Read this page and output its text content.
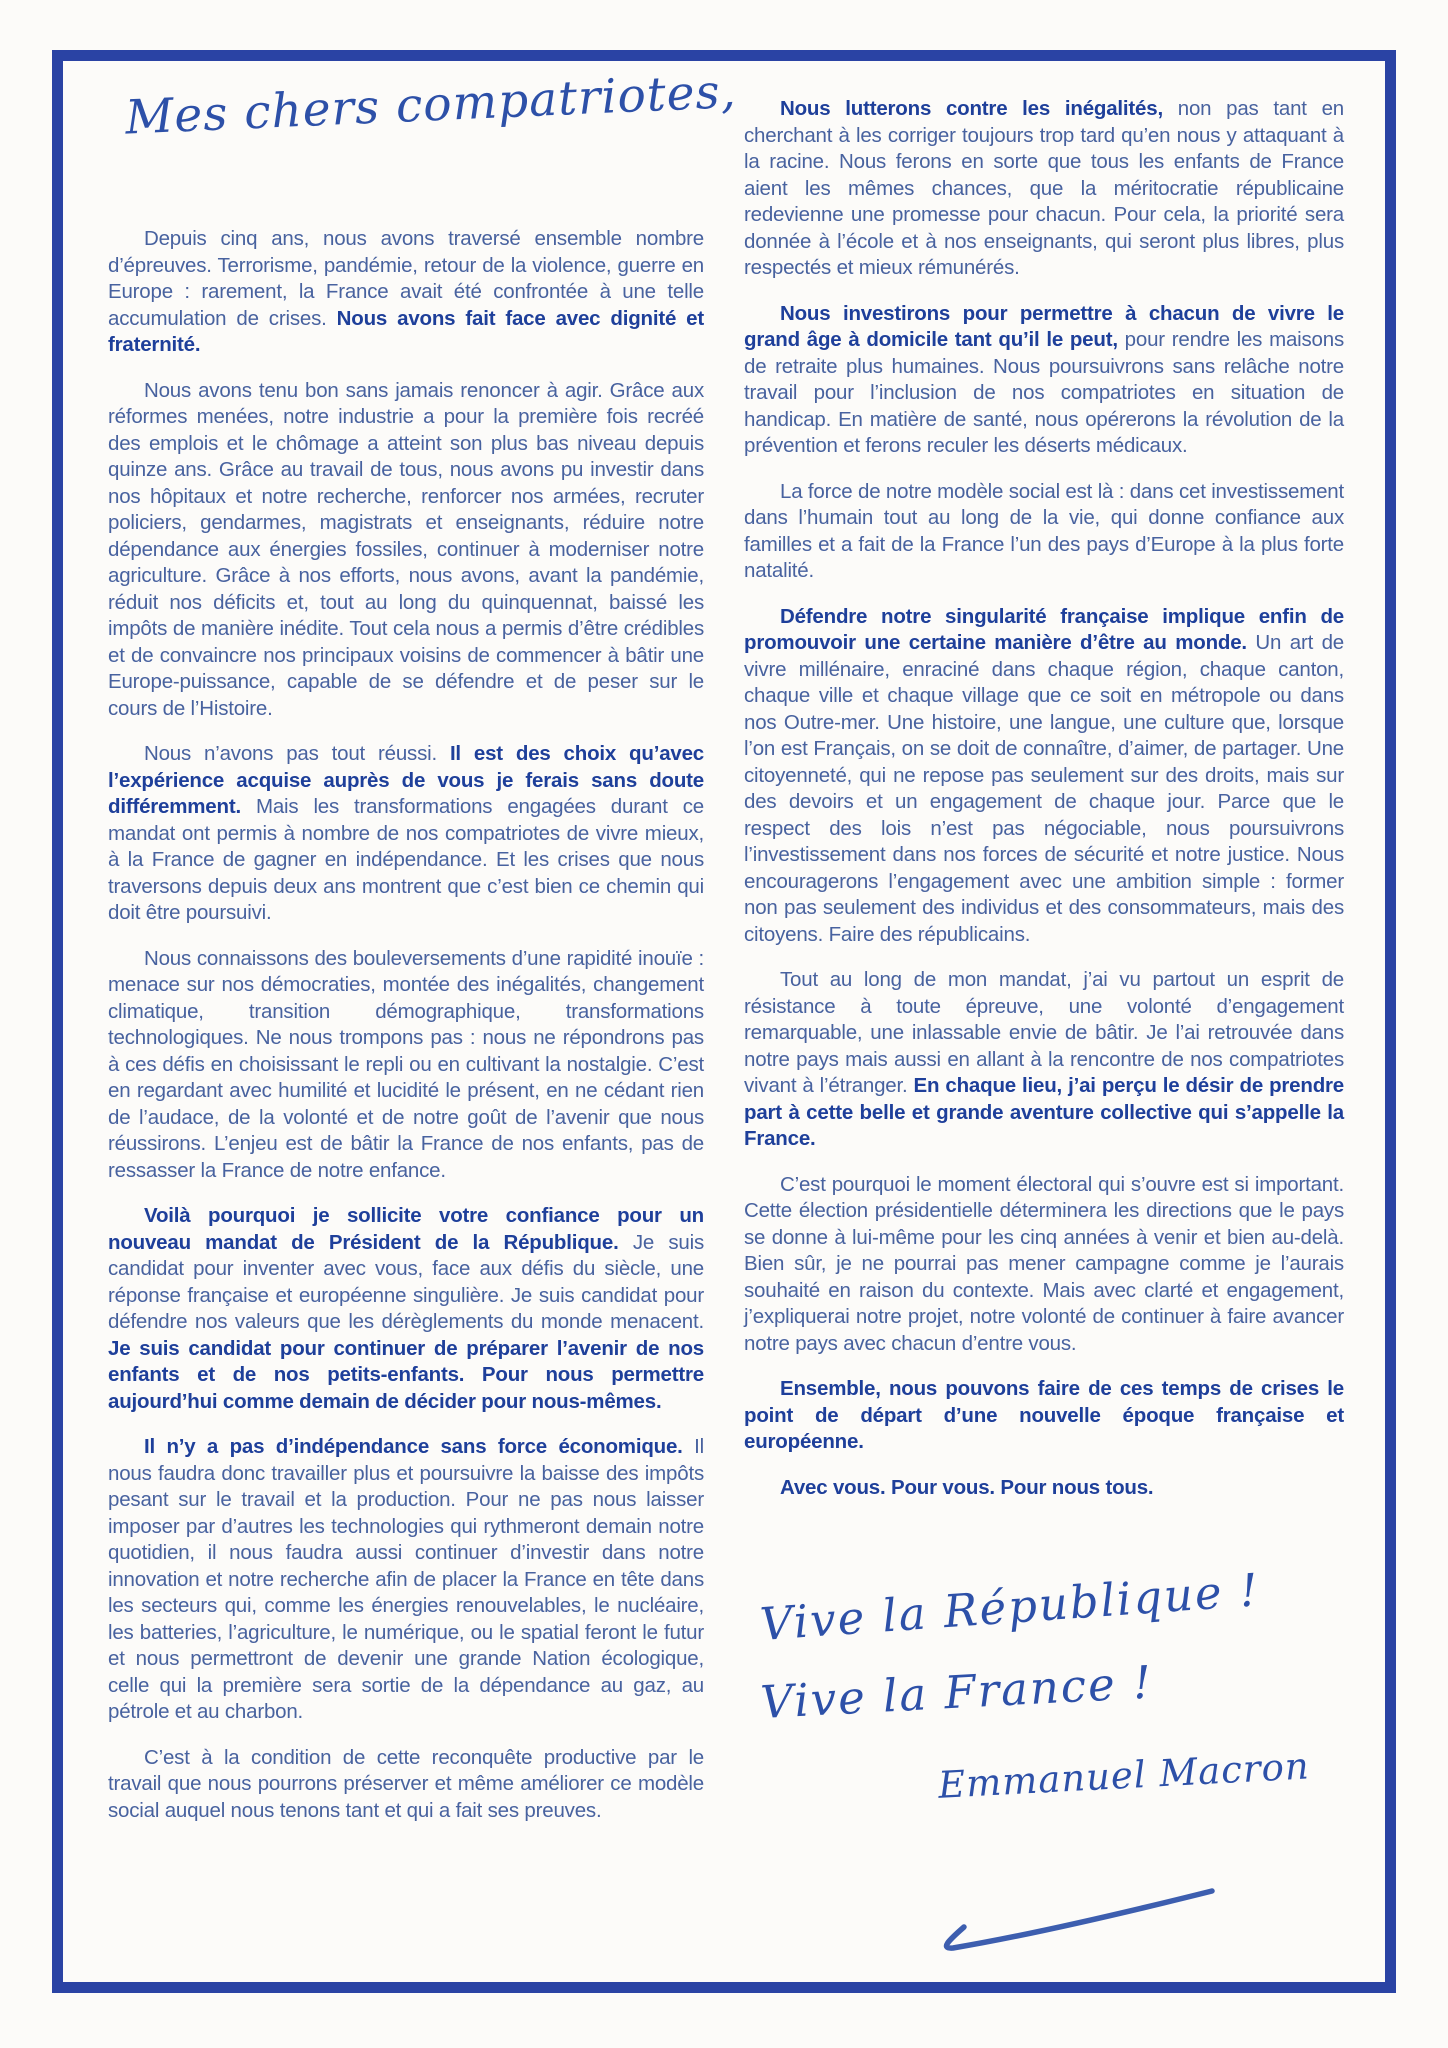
Mes chers compatriotes,

Depuis cinq ans, nous avons traversé ensemble nombre d’épreuves. Terrorisme, pandémie, retour de la violence, guerre en Europe : rarement, la France avait été confrontée à une telle accumulation de crises. Nous avons fait face avec dignité et fraternité.

Nous avons tenu bon sans jamais renoncer à agir. Grâce aux réformes menées, notre industrie a pour la première fois recréé des emplois et le chômage a atteint son plus bas niveau depuis quinze ans. Grâce au travail de tous, nous avons pu investir dans nos hôpitaux et notre recherche, renforcer nos armées, recruter policiers, gendarmes, magistrats et enseignants, réduire notre dépendance aux énergies fossiles, continuer à moderniser notre agriculture. Grâce à nos efforts, nous avons, avant la pandémie, réduit nos déficits et, tout au long du quinquennat, baissé les impôts de manière inédite. Tout cela nous a permis d’être crédibles et de convaincre nos principaux voisins de commencer à bâtir une Europe-puissance, capable de se défendre et de peser sur le cours de l’Histoire.

Nous n’avons pas tout réussi. Il est des choix qu’avec l’expérience acquise auprès de vous je ferais sans doute différemment. Mais les transformations engagées durant ce mandat ont permis à nombre de nos compatriotes de vivre mieux, à la France de gagner en indépendance. Et les crises que nous traversons depuis deux ans montrent que c’est bien ce chemin qui doit être poursuivi.

Nous connaissons des bouleversements d’une rapidité inouïe : menace sur nos démocraties, montée des inégalités, changement climatique, transition démographique, transformations technologiques. Ne nous trompons pas : nous ne répondrons pas à ces défis en choisissant le repli ou en cultivant la nostalgie. C’est en regardant avec humilité et lucidité le présent, en ne cédant rien de l’audace, de la volonté et de notre goût de l’avenir que nous réussirons. L’enjeu est de bâtir la France de nos enfants, pas de ressasser la France de notre enfance.

Voilà pourquoi je sollicite votre confiance pour un nouveau mandat de Président de la République. Je suis candidat pour inventer avec vous, face aux défis du siècle, une réponse française et européenne singulière. Je suis candidat pour défendre nos valeurs que les dérèglements du monde menacent. Je suis candidat pour continuer de préparer l’avenir de nos enfants et de nos petits-enfants. Pour nous permettre aujourd’hui comme demain de décider pour nous-mêmes.

Il n’y a pas d’indépendance sans force économique. Il nous faudra donc travailler plus et poursuivre la baisse des impôts pesant sur le travail et la production. Pour ne pas nous laisser imposer par d’autres les technologies qui rythmeront demain notre quotidien, il nous faudra aussi continuer d’investir dans notre innovation et notre recherche afin de placer la France en tête dans les secteurs qui, comme les énergies renouvelables, le nucléaire, les batteries, l’agriculture, le numérique, ou le spatial feront le futur et nous permettront de devenir une grande Nation écologique, celle qui la première sera sortie de la dépendance au gaz, au pétrole et au charbon.

C’est à la condition de cette reconquête productive par le travail que nous pourrons préserver et même améliorer ce modèle social auquel nous tenons tant et qui a fait ses preuves.

Nous lutterons contre les inégalités, non pas tant en cherchant à les corriger toujours trop tard qu’en nous y attaquant à la racine. Nous ferons en sorte que tous les enfants de France aient les mêmes chances, que la méritocratie républicaine redevienne une promesse pour chacun. Pour cela, la priorité sera donnée à l’école et à nos enseignants, qui seront plus libres, plus respectés et mieux rémunérés.

Nous investirons pour permettre à chacun de vivre le grand âge à domicile tant qu’il le peut, pour rendre les maisons de retraite plus humaines. Nous poursuivrons sans relâche notre travail pour l’inclusion de nos compatriotes en situation de handicap. En matière de santé, nous opérerons la révolution de la prévention et ferons reculer les déserts médicaux.

La force de notre modèle social est là : dans cet investissement dans l’humain tout au long de la vie, qui donne confiance aux familles et a fait de la France l’un des pays d’Europe à la plus forte natalité.

Défendre notre singularité française implique enfin de promouvoir une certaine manière d’être au monde. Un art de vivre millénaire, enraciné dans chaque région, chaque canton, chaque ville et chaque village que ce soit en métropole ou dans nos Outre-mer. Une histoire, une langue, une culture que, lorsque l’on est Français, on se doit de connaître, d’aimer, de partager. Une citoyenneté, qui ne repose pas seulement sur des droits, mais sur des devoirs et un engagement de chaque jour. Parce que le respect des lois n’est pas négociable, nous poursuivrons l’investissement dans nos forces de sécurité et notre justice. Nous encouragerons l’engagement avec une ambition simple : former non pas seulement des individus et des consommateurs, mais des citoyens. Faire des républicains.

Tout au long de mon mandat, j’ai vu partout un esprit de résistance à toute épreuve, une volonté d’engagement remarquable, une inlassable envie de bâtir. Je l’ai retrouvée dans notre pays mais aussi en allant à la rencontre de nos compatriotes vivant à l’étranger. En chaque lieu, j’ai perçu le désir de prendre part à cette belle et grande aventure collective qui s’appelle la France.

C’est pourquoi le moment électoral qui s’ouvre est si important. Cette élection présidentielle déterminera les directions que le pays se donne à lui-même pour les cinq années à venir et bien au-delà. Bien sûr, je ne pourrai pas mener campagne comme je l’aurais souhaité en raison du contexte. Mais avec clarté et engagement, j’expliquerai notre projet, notre volonté de continuer à faire avancer notre pays avec chacun d’entre vous.

Ensemble, nous pouvons faire de ces temps de crises le point de départ d’une nouvelle époque française et européenne.

Avec vous. Pour vous. Pour nous tous.

Vive la République !
Vive la France !
Emmanuel Macron
